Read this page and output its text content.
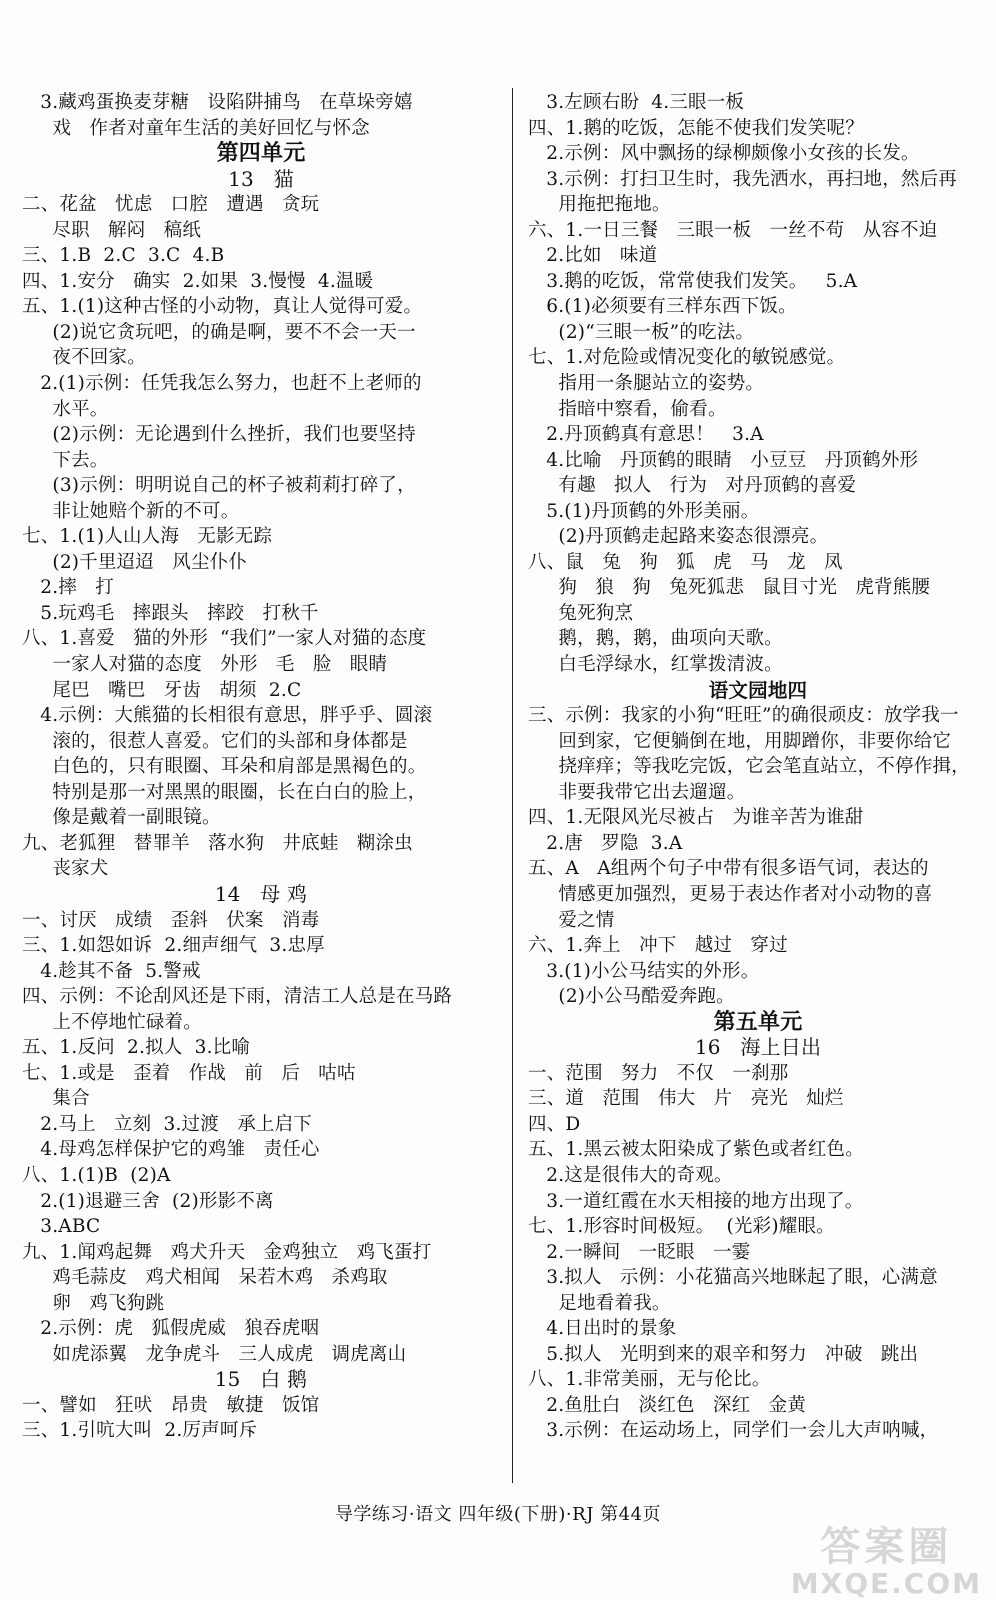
3.藏鸡蛋换麦芽糖   设陷阱捕鸟   在草垛旁嬉
戏   作者对童年生活的美好回忆与怀念
第四单元
13   猫
二、花盆   忧虑   口腔   遭遇   贪玩
尽职   解闷   稿纸
三、1.B  2.C  3.C  4.B
四、1.安分   确实  2.如果  3.慢慢  4.温暖
五、1.(1)这种古怪的小动物，真让人觉得可爱。
(2)说它贪玩吧，的确是啊，要不不会一天一
夜不回家。
2.(1)示例：任凭我怎么努力，也赶不上老师的
水平。
(2)示例：无论遇到什么挫折，我们也要坚持
下去。
(3)示例：明明说自己的杯子被莉莉打碎了，
非让她赔个新的不可。
七、1.(1)人山人海   无影无踪
(2)千里迢迢   风尘仆仆
2.摔   打
5.玩鸡毛   摔跟头   摔跤   打秋千
八、1.喜爱   猫的外形  “我们”一家人对猫的态度
一家人对猫的态度   外形   毛   脸   眼睛
尾巴   嘴巴   牙齿   胡须  2.C
4.示例：大熊猫的长相很有意思，胖乎乎、圆滚
滚的，很惹人喜爱。它们的头部和身体都是
白色的，只有眼圈、耳朵和肩部是黑褐色的。
特别是那一对黑黑的眼圈，长在白白的脸上，
像是戴着一副眼镜。
九、老狐狸   替罪羊   落水狗   井底蛙   糊涂虫
丧家犬
14   母 鸡
一、讨厌   成绩   歪斜   伏案   消毒
三、1.如怨如诉  2.细声细气  3.忠厚
4.趁其不备  5.警戒
四、示例：不论刮风还是下雨，清洁工人总是在马路
上不停地忙碌着。
五、1.反问  2.拟人  3.比喻
七、1.或是   歪着   作战   前   后   咕咕
集合
2.马上   立刻  3.过渡   承上启下
4.母鸡怎样保护它的鸡雏   责任心
八、1.(1)B  (2)A
2.(1)退避三舍  (2)形影不离
3.ABC
九、1.闻鸡起舞   鸡犬升天   金鸡独立   鸡飞蛋打
鸡毛蒜皮   鸡犬相闻   呆若木鸡   杀鸡取
卵   鸡飞狗跳
2.示例：虎   狐假虎威   狼吞虎咽
如虎添翼   龙争虎斗   三人成虎   调虎离山
15   白 鹅
一、譬如   狂吠   昂贵   敏捷   饭馆
三、1.引吭大叫  2.厉声呵斥
3.左顾右盼  4.三眼一板
四、1.鹅的吃饭，怎能不使我们发笑呢？
2.示例：风中飘扬的绿柳颇像小女孩的长发。
3.示例：打扫卫生时，我先洒水，再扫地，然后再
用拖把拖地。
六、1.一日三餐   三眼一板   一丝不苟   从容不迫
2.比如   味道
3.鹅的吃饭，常常使我们发笑。   5.A
6.(1)必须要有三样东西下饭。
(2)“三眼一板”的吃法。
七、1.对危险或情况变化的敏锐感觉。
指用一条腿站立的姿势。
指暗中察看，偷看。
2.丹顶鹤真有意思！   3.A
4.比喻   丹顶鹤的眼睛   小豆豆   丹顶鹤外形
有趣   拟人   行为   对丹顶鹤的喜爱
5.(1)丹顶鹤的外形美丽。
(2)丹顶鹤走起路来姿态很漂亮。
八、鼠   兔   狗   狐   虎   马   龙   凤
狗   狼   狗   兔死狐悲   鼠目寸光   虎背熊腰
兔死狗烹
鹅，鹅，鹅，曲项向天歌。
白毛浮绿水，红掌拨清波。
语文园地四
三、示例：我家的小狗“旺旺”的确很顽皮：放学我一
回到家，它便躺倒在地，用脚蹭你，非要你给它
挠痒痒；等我吃完饭，它会笔直站立，不停作揖，
非要我带它出去遛遛。
四、1.无限风光尽被占   为谁辛苦为谁甜
2.唐   罗隐  3.A
五、A   A组两个句子中带有很多语气词，表达的
情感更加强烈，更易于表达作者对小动物的喜
爱之情
六、1.奔上   冲下   越过   穿过
3.(1)小公马结实的外形。
(2)小公马酷爱奔跑。
第五单元
16   海上日出
一、范围   努力   不仅   一刹那
三、道   范围   伟大   片   亮光   灿烂
四、D
五、1.黑云被太阳染成了紫色或者红色。
2.这是很伟大的奇观。
3.一道红霞在水天相接的地方出现了。
七、1.形容时间极短。  (光彩)耀眼。
2.一瞬间   一眨眼   一霎
3.拟人   示例：小花猫高兴地眯起了眼，心满意
足地看着我。
4.日出时的景象
5.拟人   光明到来的艰辛和努力   冲破   跳出
八、1.非常美丽，无与伦比。
2.鱼肚白   淡红色   深红   金黄
3.示例：在运动场上，同学们一会儿大声呐喊，
导学练习·语文 四年级(下册)·RJ 第44页
答案圈
MXQE.COM
